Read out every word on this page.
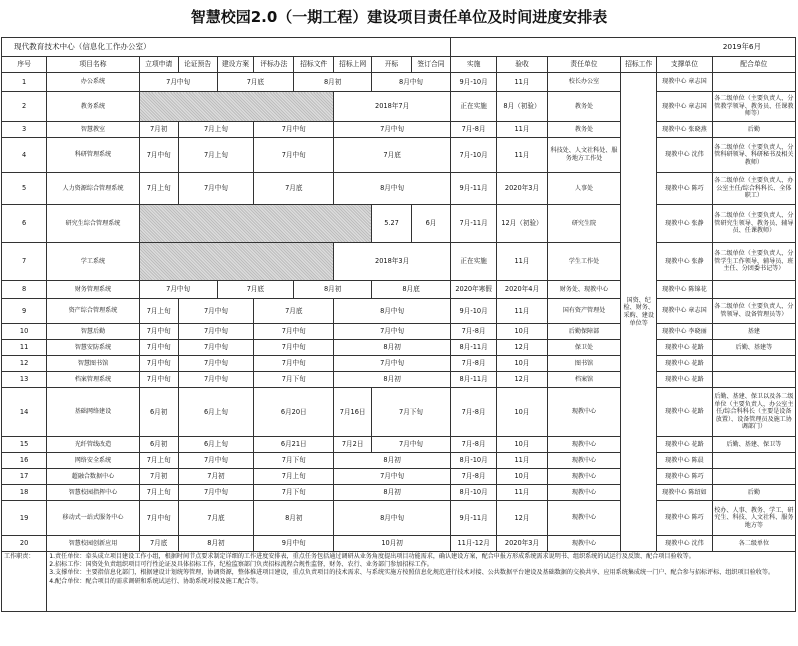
智慧校园2.0（一期工程）建设项目责任单位及时间进度安排表
现代教育技术中心（信息化工作办公室）										2019年6月					
序号	项目名称	立项申请	论证预告	建设方案	评标办法	招标文件	招标上网	开标	签订合同	实施	验收	责任单位	招标工作	支撑单位	配合单位
1	办公系统	7月中旬		7月底		8月初		8月中旬		9月-10月	11月	校长办公室	国资、纪检、财务、采购、建设单位等	现教中心 章志国	
2	教务系统						2018年7月			正在实施	8月（初验）	教务处		现教中心 章志国	各二级单位（主要负责人、分管教学领导、教务员、任课教师等）
3	智慧教室	7月初	7月上旬		7月中旬		7月中旬			7月-8月	11月	教务处		现教中心 张晓燕	后勤
4	科研管理系统	7月中旬	7月上旬		7月中旬		7月底			7月-10月	11月	科技处、人文社科处、服务地方工作处		现教中心 沈伟	各二级单位（主要负责人、分管科研领导、科研秘书及相关教师）
5	人力资源综合管理系统	7月上旬	7月中旬		7月底		8月中旬			9月-11月	2020年3月	人事处		现教中心 陈巧	各二级单位（主要负责人、办公室主任/综合科科长、全体职工）
6	研究生综合管理系统							5.27	6月	7月-11月	12月（初验）	研究生院		现教中心 张静	各二级单位（主要负责人、分管研究生领导、教务员、辅导员、任课教师）
7	学工系统						2018年3月			正在实施	11月	学生工作处		现教中心 张静	各二级单位（主要负责人、分管学生工作领导、辅导员、班主任、分团委书记等）
8	财务管理系统	7月中旬		7月底		8月初		8月底		2020年寒假	2020年4月	财务处、现教中心		现教中心 陈锦花	
9	资产综合管理系统	7月上旬	7月中旬		7月底		8月中旬			9月-10月	11月	国有资产管理处		现教中心 章志国	各二级单位（主要负责人、分管领导、设备管理员等）
10	智慧后勤	7月中旬	7月中旬		7月中旬		7月中旬			7月-8月	10月	后勤保障部		现教中心 李晓丽	基建
11	智慧安防系统	7月中旬	7月中旬		7月中旬		8月初			8月-11月	12月	保卫处		现教中心 花路	后勤、基建等
12	智慧图书馆	7月中旬	7月中旬		7月中旬		7月中旬			7月-8月	10月	图书馆		现教中心 花路	
13	档案管理系统	7月中旬	7月中旬		7月下旬		8月初			8月-11月	12月	档案馆		现教中心 花路	
14	基础网络建设	6月初	6月上旬		6月20日		7月16日	7月下旬		7月-8月	10月	现教中心		现教中心 花路	后勤、基建、保卫以及各二级单位（主要负责人、办公室主任/综合科科长（主要是设备放置）、设备管理员及施工协调部门）
15	光纤管线改造	6月初	6月上旬		6月21日		7月2日	7月中旬		7月-8月	10月	现教中心		现教中心 花路	后勤、基建、保卫等
16	网络安全系统	7月上旬	7月中旬		7月下旬		8月初			8月-10月	11月	现教中心		现教中心 陈晨	
17	超融合数据中心	7月初	7月初		7月上旬		7月中旬			7月-8月	10月	现教中心		现教中心 陈巧	
18	智慧校园指挥中心	7月上旬	7月中旬		7月下旬		8月初			8月-10月	11月	现教中心		现教中心 陈绍如	后勤
19	移动式一站式服务中心	7月中旬	7月底		8月初		8月中旬			9月-11月	12月	现教中心		现教中心 陈巧	校办、人事、教务、学工、研究生、科技、人文社科、服务地方等
20	智慧校园创新应用	7月底	8月初		9月中旬		10月初			11月-12月	2020年3月	现教中心		现教中心 沈伟	各二级单位
工作职责：	1.责任单位：牵头成立项目建设工作小组，根据时间节点要求制定详细的工作进度安排表，重点任务包括通过调研从业务角度提出项目功能需求，确认建设方案，配合申报方形成系统需求说明书、组织系统的试运行及反馈、配合项目验收等。
2.招标工作：国资处负责组织项目可行性论证及具体招标工作，纪检监察部门负责招标流程合规性监督，财务、农行、业务部门参加招标工作。
3.支撑单位：主要指信息化部门，根据建设计划统筹管理，协调资源，整体推进项目建设，重点负责项目的技术需求、与系统实施方按照信息化规范进行技术对接、公共数据平台建设及基础数据的交换共享、应用系统集成统一门户、配合参与招标评标、组织项目验收等。
4.配合单位：配合项目的需求调研和系统试运行、协助系统对接及施工配合等。														
